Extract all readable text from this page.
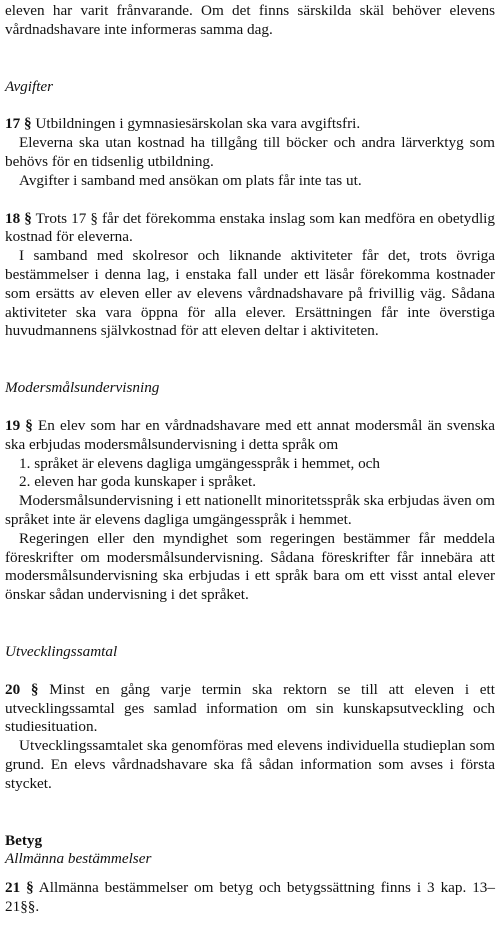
eleven har varit frånvarande. Om det finns särskilda skäl behöver elevens vårdnadshavare inte informeras samma dag.

Avgifter

17 § Utbildningen i gymnasiesärskolan ska vara avgiftsfri.

Eleverna ska utan kostnad ha tillgång till böcker och andra lärverktyg som behövs för en tidsenlig utbildning.

Avgifter i samband med ansökan om plats får inte tas ut.

18 § Trots 17 § får det förekomma enstaka inslag som kan medföra en obetydlig kostnad för eleverna.

I samband med skolresor och liknande aktiviteter får det, trots övriga bestämmelser i denna lag, i enstaka fall under ett läsår förekomma kostnader som ersätts av eleven eller av elevens vårdnadshavare på frivillig väg. Sådana aktiviteter ska vara öppna för alla elever. Ersättningen får inte överstiga huvudmannens självkostnad för att eleven deltar i aktiviteten.

Modersmålsundervisning

19 § En elev som har en vårdnadshavare med ett annat modersmål än svenska ska erbjudas modersmålsundervisning i detta språk om

1. språket är elevens dagliga umgängesspråk i hemmet, och

2. eleven har goda kunskaper i språket.

Modersmålsundervisning i ett nationellt minoritetsspråk ska erbjudas även om språket inte är elevens dagliga umgängesspråk i hemmet.

Regeringen eller den myndighet som regeringen bestämmer får meddela föreskrifter om modersmålsundervisning. Sådana föreskrifter får innebära att modersmålsundervisning ska erbjudas i ett språk bara om ett visst antal elever önskar sådan undervisning i det språket.

Utvecklingssamtal

20 § Minst en gång varje termin ska rektorn se till att eleven i ett utvecklingssamtal ges samlad information om sin kunskapsutveckling och studiesituation.

Utvecklingssamtalet ska genomföras med elevens individuella studieplan som grund. En elevs vårdnadshavare ska få sådan information som avses i första stycket.

Betyg

Allmänna bestämmelser

21 § Allmänna bestämmelser om betyg och betygssättning finns i 3 kap. 13–21§§.
